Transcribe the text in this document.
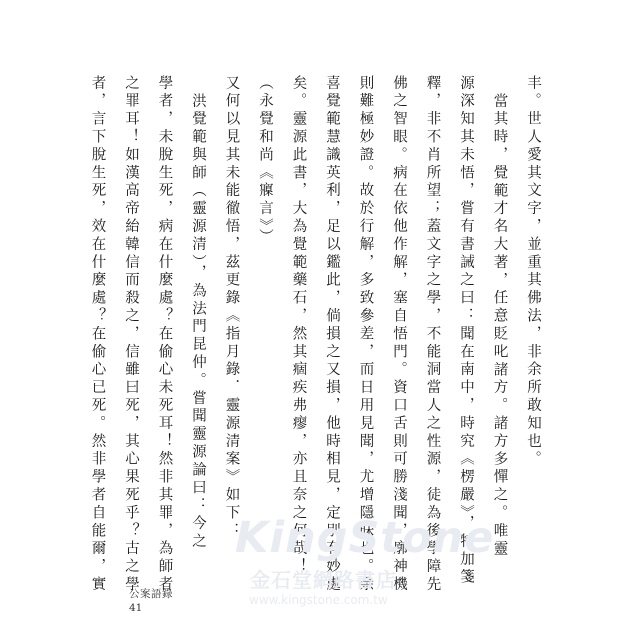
丰。世人愛其文字，並重其佛法，非余所敢知也。
當其時，覺範才名大著，任意貶叱諸方。諸方多憚之。唯靈
源深知其未悟，嘗有書誡之曰：聞在南中，時究《楞嚴》，特加箋
釋，非不肖所望；蓋文字之學，不能洞當人之性源，徒為後學障先
佛之智眼。病在依他作解，塞自悟門。資口舌則可勝淺聞，廓神機
則難極妙證。故於行解，多致參差，而日用見聞，尤增隱昧也。余
喜覺範慧識英利，足以鑑此，倘損之又損，他時相見，定別有妙處
矣。靈源此書，大為覺範藥石，然其痼疾弗瘳，亦且奈之何哉！
（永覺和尚《寱言》）
又何以見其未能徹悟，茲更錄《指月錄．靈源清案》如下：
洪覺範與師（靈源清），為法門昆仲。嘗聞靈源論曰：今之
學者，未脫生死，病在什麼處？在偷心未死耳！然非其罪，為師者
之罪耳！如漢高帝紿韓信而殺之，信雖曰死，其心果死乎？古之學
者，言下脫生死，效在什麼處？在偷心已死。然非學者自能爾，實	KingStone
金石堂網路書店
www.kingstone.com.tw
公案語錄
41
